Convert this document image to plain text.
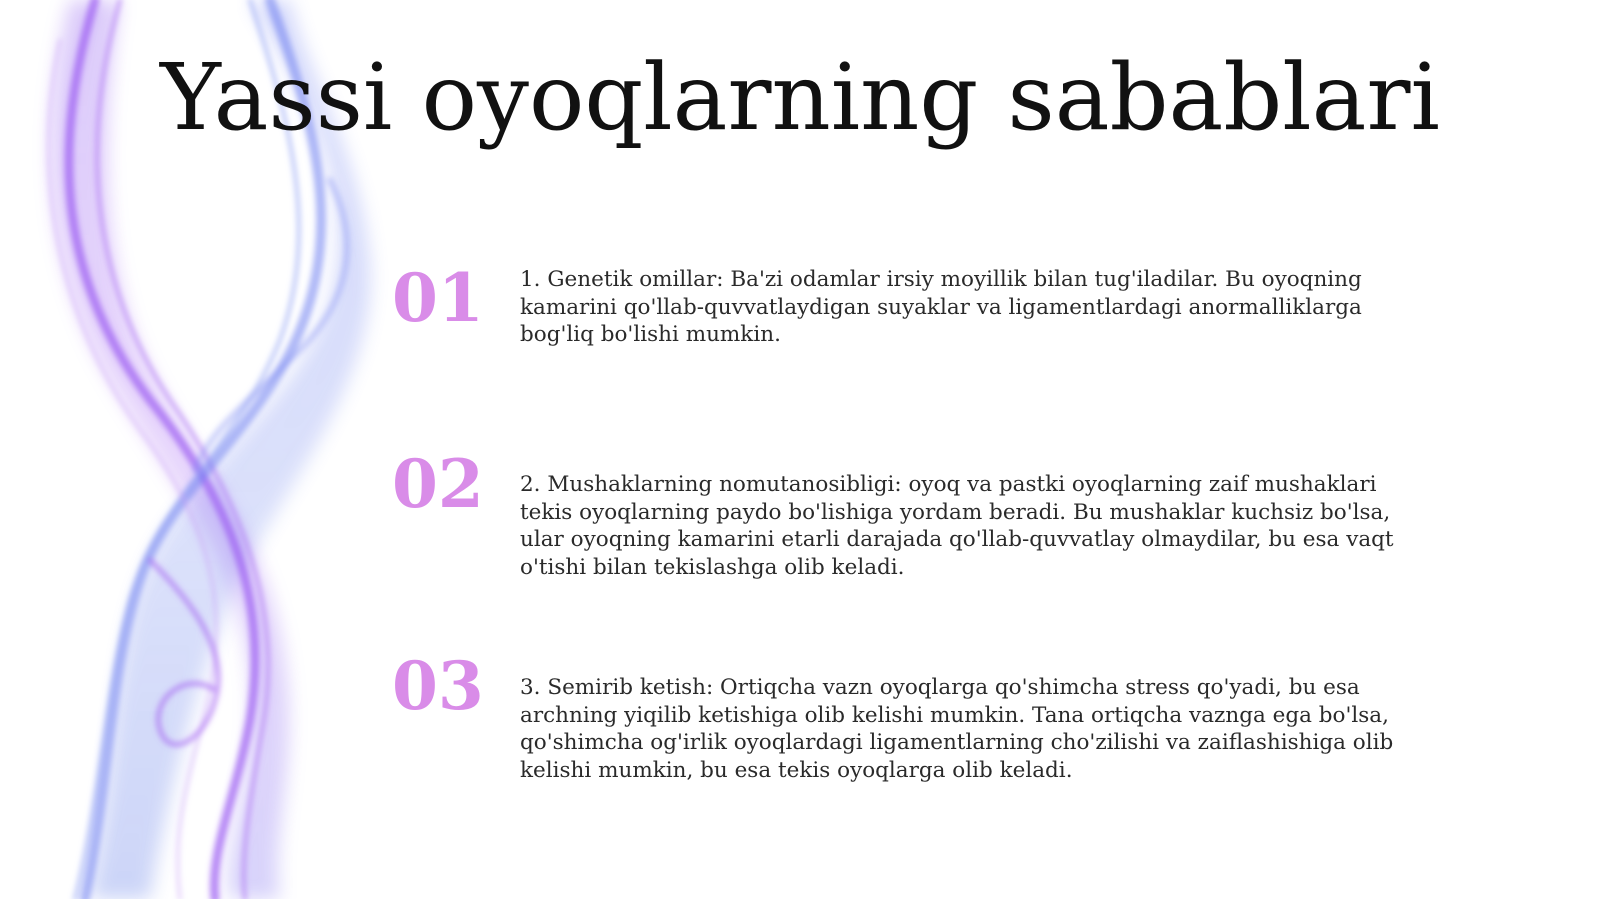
Yassi oyoqlarning sabablari
01	1. Genetik omillar: Ba'zi odamlar irsiy moyillik bilan tug'iladilar. Bu oyoqning kamarini qo'llab-quvvatlaydigan suyaklar va ligamentlardagi anormalliklarga bog'liq bo'lishi mumkin.
02	2. Mushaklarning nomutanosibligi: oyoq va pastki oyoqlarning zaif mushaklari tekis oyoqlarning paydo bo'lishiga yordam beradi. Bu mushaklar kuchsiz bo'lsa, ular oyoqning kamarini etarli darajada qo'llab-quvvatlay olmaydilar, bu esa vaqt o'tishi bilan tekislashga olib keladi.
03	3. Semirib ketish: Ortiqcha vazn oyoqlarga qo'shimcha stress qo'yadi, bu esa archning yiqilib ketishiga olib kelishi mumkin. Tana ortiqcha vaznga ega bo'lsa, qo'shimcha og'irlik oyoqlardagi ligamentlarning cho'zilishi va zaiflashishiga olib kelishi mumkin, bu esa tekis oyoqlarga olib keladi.
